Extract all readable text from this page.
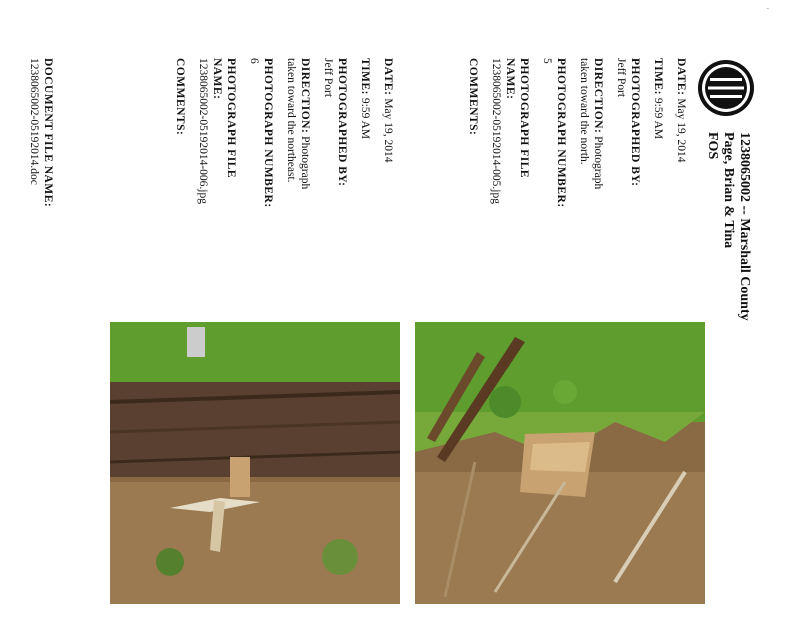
'
1238065002 -- Marshall County
Page, Brian & Tina
FOS
DATE: May 19, 2014
TIME: 9:59 AM
PHOTOGRAPHED BY:
Jeff Port
DIRECTION: Photograph taken toward the north.
PHOTOGRAPH NUMBER: 5
PHOTOGRAPH FILE NAME:
1238065002-05192014-005.jpg
COMMENTS:
DATE: May 19, 2014
TIME: 9:59 AM
PHOTOGRAPHED BY:
Jeff Port
DIRECTION: Photograph taken toward the northeast.
PHOTOGRAPH NUMBER: 6
PHOTOGRAPH FILE NAME:
1238065002-05192014-006.jpg
COMMENTS:
DOCUMENT FILE NAME:
1238065002-05192014.doc
